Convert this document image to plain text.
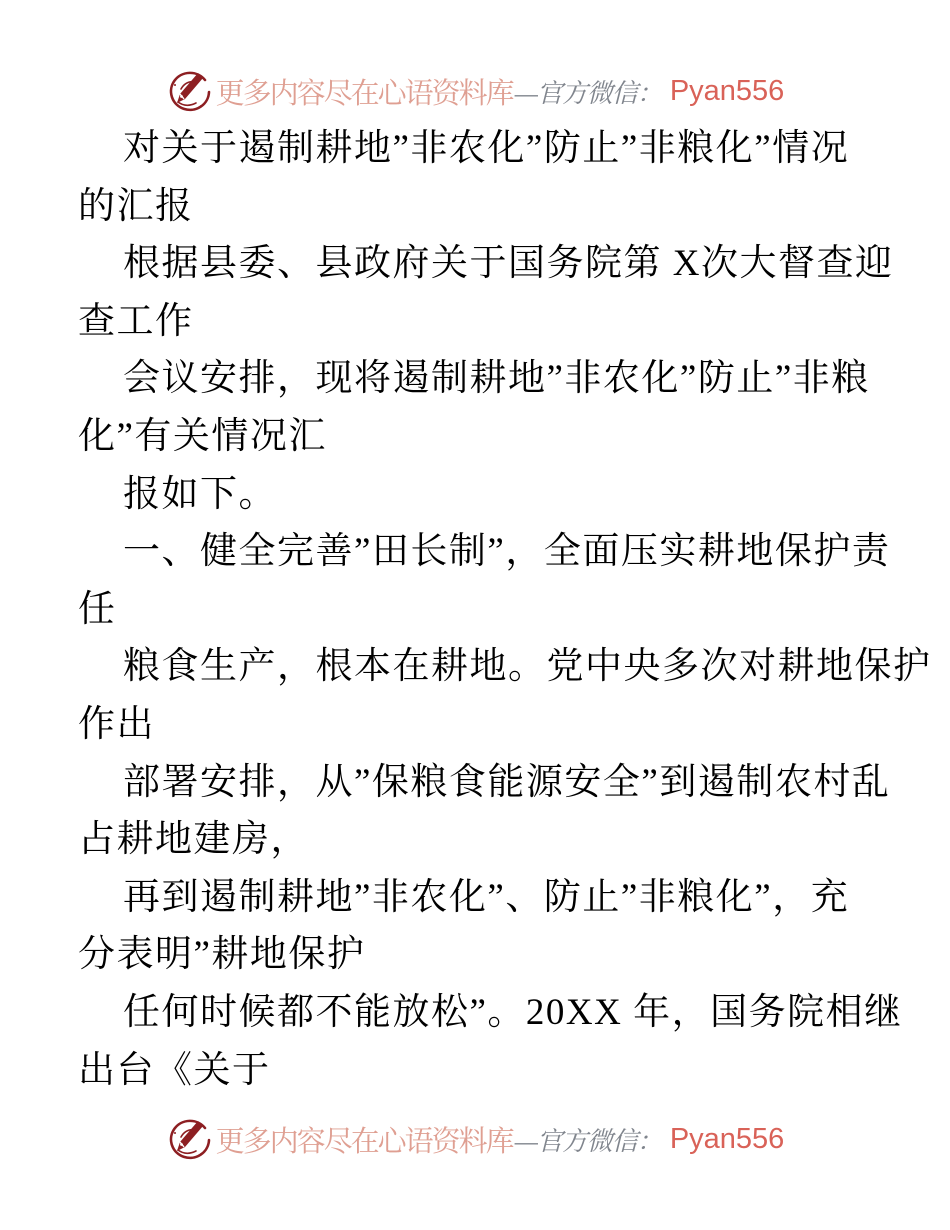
更多内容尽在心语资料库 —官方微信： Pyan556

对关于遏制耕地”非农化”防止”非粮化”情况
的汇报

根据县委、县政府关于国务院第 X次大督查迎
查工作

会议安排，现将遏制耕地”非农化”防止”非粮
化”有关情况汇

报如下。

一、健全完善”田长制”，全面压实耕地保护责
任

粮食生产，根本在耕地。党中央多次对耕地保护
作出

部署安排，从”保粮食能源安全”到遏制农村乱
占耕地建房，

再到遏制耕地”非农化”、防止”非粮化”，充
分表明”耕地保护

任何时候都不能放松”。20XX 年，国务院相继
出台《关于

更多内容尽在心语资料库 —官方微信： Pyan556
